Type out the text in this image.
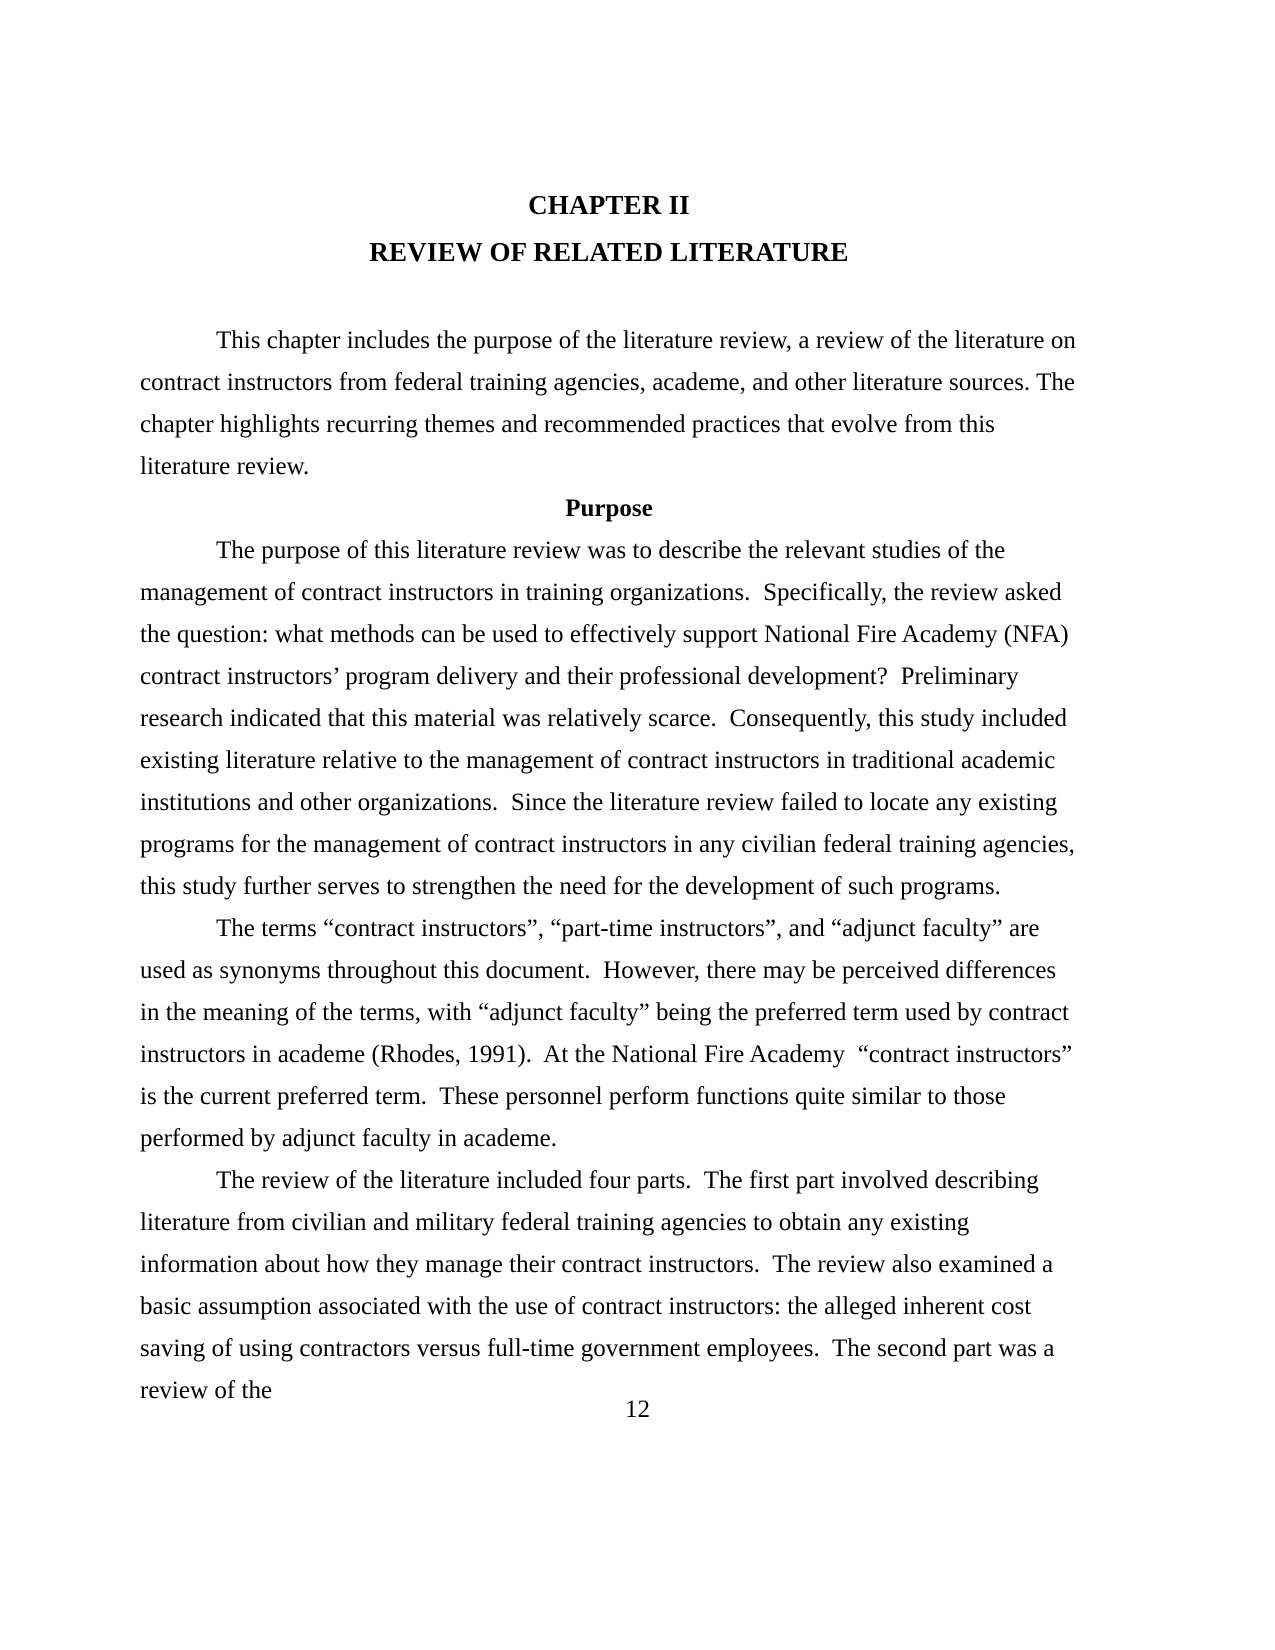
CHAPTER II
REVIEW OF RELATED LITERATURE

This chapter includes the purpose of the literature review, a review of the literature on contract instructors from federal training agencies, academe, and other literature sources. The chapter highlights recurring themes and recommended practices that evolve from this literature review.

Purpose

The purpose of this literature review was to describe the relevant studies of the management of contract instructors in training organizations.  Specifically, the review asked the question: what methods can be used to effectively support National Fire Academy (NFA) contract instructors’ program delivery and their professional development?  Preliminary research indicated that this material was relatively scarce.  Consequently, this study included existing literature relative to the management of contract instructors in traditional academic institutions and other organizations.  Since the literature review failed to locate any existing programs for the management of contract instructors in any civilian federal training agencies, this study further serves to strengthen the need for the development of such programs.

The terms “contract instructors”, “part-time instructors”, and “adjunct faculty” are used as synonyms throughout this document.  However, there may be perceived differences in the meaning of the terms, with “adjunct faculty” being the preferred term used by contract instructors in academe (Rhodes, 1991).  At the National Fire Academy  “contract instructors” is the current preferred term.  These personnel perform functions quite similar to those performed by adjunct faculty in academe.

The review of the literature included four parts.  The first part involved describing literature from civilian and military federal training agencies to obtain any existing information about how they manage their contract instructors.  The review also examined a basic assumption associated with the use of contract instructors: the alleged inherent cost saving of using contractors versus full-time government employees.  The second part was a review of the

12
